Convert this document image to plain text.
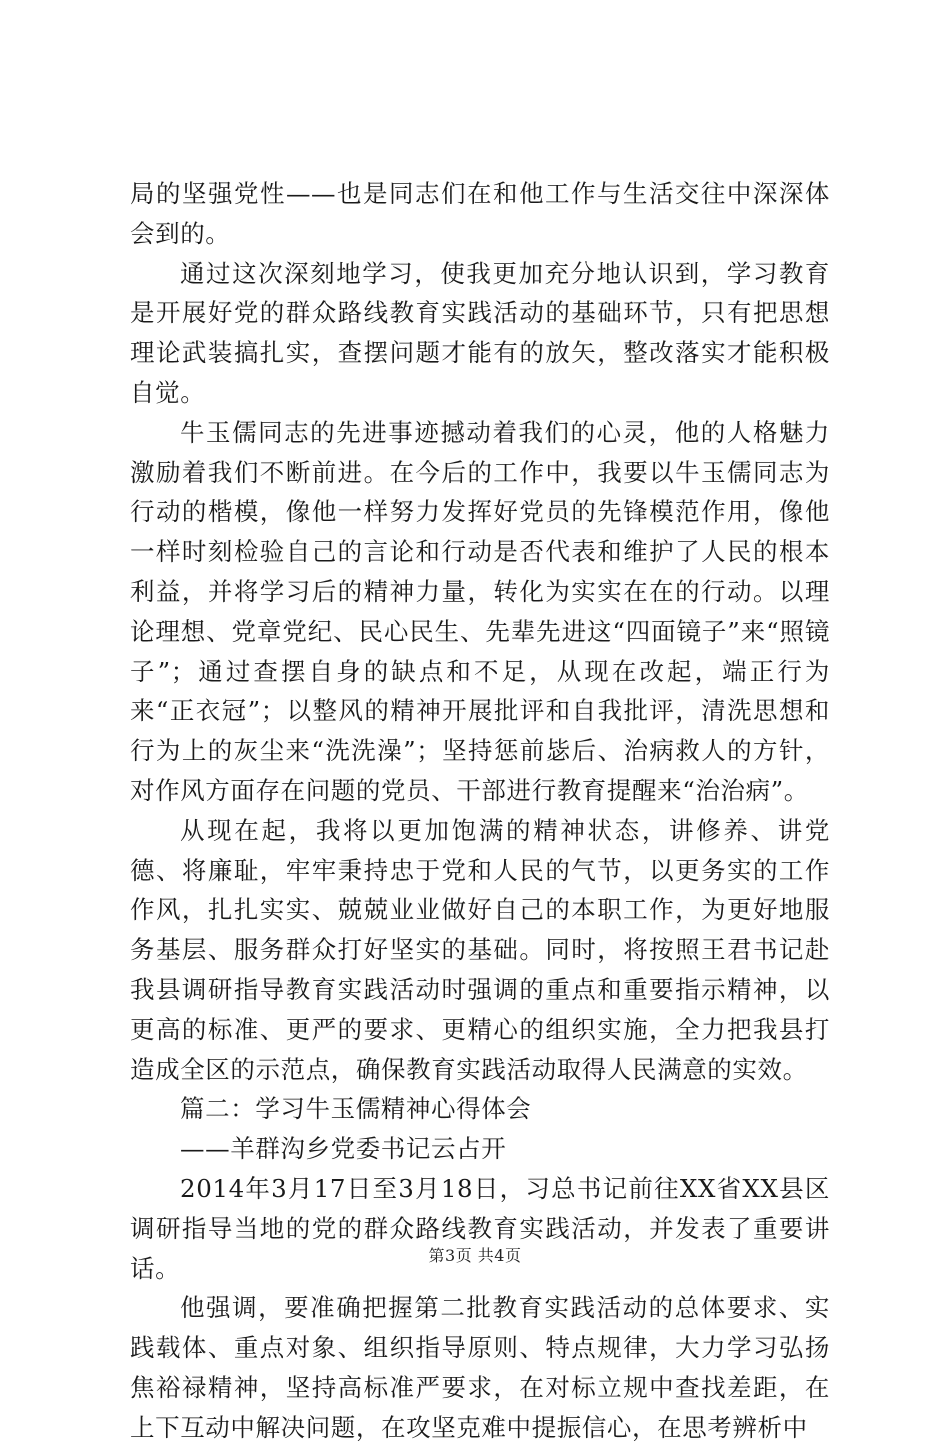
局的坚强党性——也是同志们在和他工作与生活交往中深深体会到的。

通过这次深刻地学习，使我更加充分地认识到，学习教育是开展好党的群众路线教育实践活动的基础环节，只有把思想理论武装搞扎实，查摆问题才能有的放矢，整改落实才能积极自觉。

牛玉儒同志的先进事迹撼动着我们的心灵，他的人格魅力激励着我们不断前进。在今后的工作中，我要以牛玉儒同志为行动的楷模，像他一样努力发挥好党员的先锋模范作用，像他一样时刻检验自己的言论和行动是否代表和维护了人民的根本利益，并将学习后的精神力量，转化为实实在在的行动。以理论理想、党章党纪、民心民生、先辈先进这“四面镜子”来“照镜子”；通过查摆自身的缺点和不足，从现在改起，端正行为来“正衣冠”；以整风的精神开展批评和自我批评，清洗思想和行为上的灰尘来“洗洗澡”；坚持惩前毖后、治病救人的方针，对作风方面存在问题的党员、干部进行教育提醒来“治治病”。

从现在起，我将以更加饱满的精神状态，讲修养、讲党德、将廉耻，牢牢秉持忠于党和人民的气节，以更务实的工作作风，扎扎实实、兢兢业业做好自己的本职工作，为更好地服务基层、服务群众打好坚实的基础。同时，将按照王君书记赴我县调研指导教育实践活动时强调的重点和重要指示精神，以更高的标准、更严的要求、更精心的组织实施，全力把我县打造成全区的示范点，确保教育实践活动取得人民满意的实效。

篇二：学习牛玉儒精神心得体会

——羊群沟乡党委书记云占开

2014年3月17日至3月18日，习总书记前往XX省XX县区调研指导当地的党的群众路线教育实践活动，并发表了重要讲话。

他强调，要准确把握第二批教育实践活动的总体要求、实践载体、重点对象、组织指导原则、特点规律，大力学习弘扬焦裕禄精神，坚持高标准严要求，在对标立规中查找差距，在上下互动中解决问题，在攻坚克难中提振信心，在思考辨析中

第3页 共4页
